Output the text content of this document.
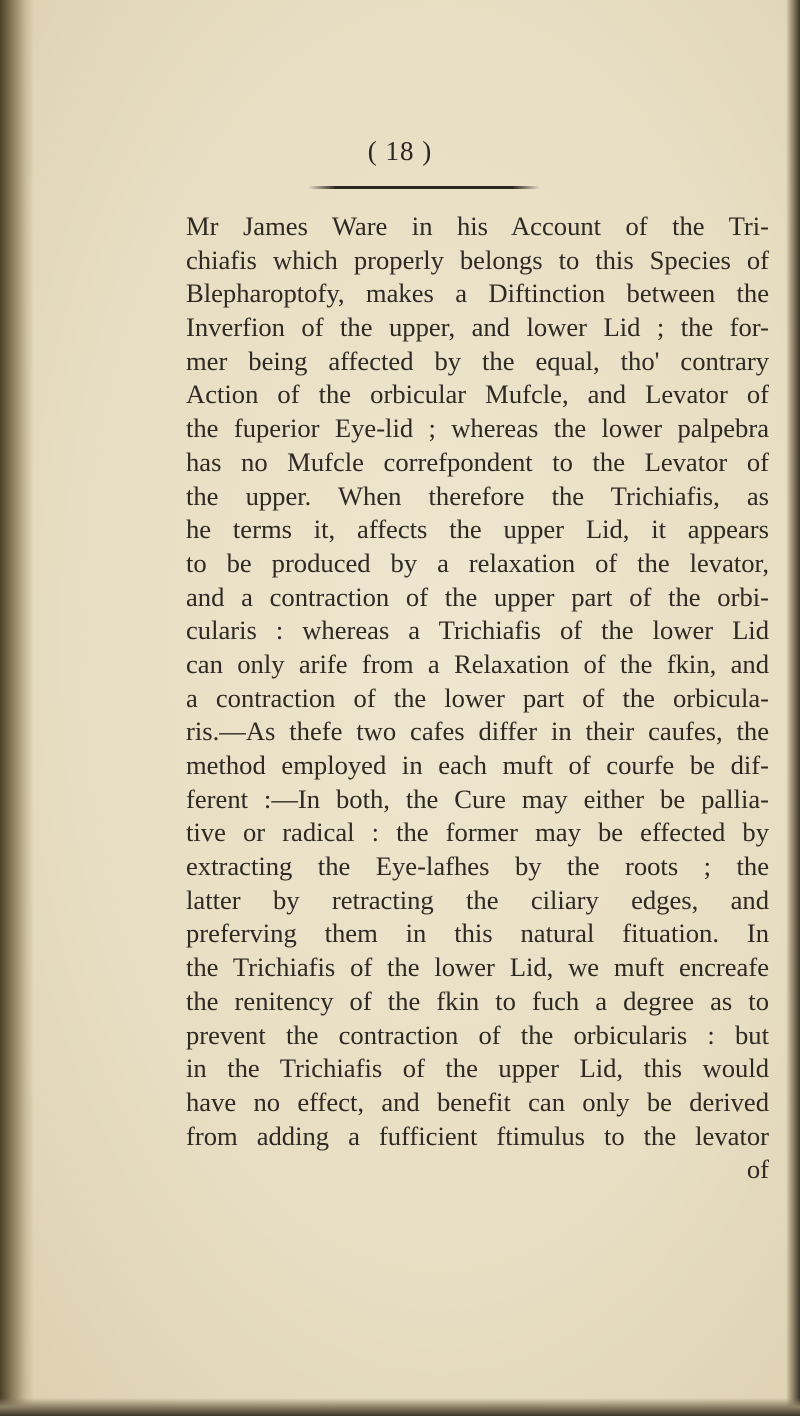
( 18 )
Mr James Ware in his Account of the Tri-
chiafis which properly belongs to this Species of
Blepharoptofy, makes a Diftinction between the
Inverfion of the upper, and lower Lid ; the for-
mer being affected by the equal, tho' contrary
Action of the orbicular Mufcle, and Levator of
the fuperior Eye-lid ; whereas the lower palpebra
has no Mufcle correfpondent to the Levator of
the upper. When therefore the Trichiafis, as
he terms it, affects the upper Lid, it appears
to be produced by a relaxation of the levator,
and a contraction of the upper part of the orbi-
cularis : whereas a Trichiafis of the lower Lid
can only arife from a Relaxation of the fkin, and
a contraction of the lower part of the orbicula-
ris.—As thefe two cafes differ in their caufes, the
method employed in each muft of courfe be dif-
ferent :—In both, the Cure may either be pallia-
tive or radical : the former may be effected by
extracting the Eye-lafhes by the roots ; the
latter by retracting the ciliary edges, and
preferving them in this natural fituation. In
the Trichiafis of the lower Lid, we muft encreafe
the renitency of the fkin to fuch a degree as to
prevent the contraction of the orbicularis : but
in the Trichiafis of the upper Lid, this would
have no effect, and benefit can only be derived
from adding a fufficient ftimulus to the levator
of
